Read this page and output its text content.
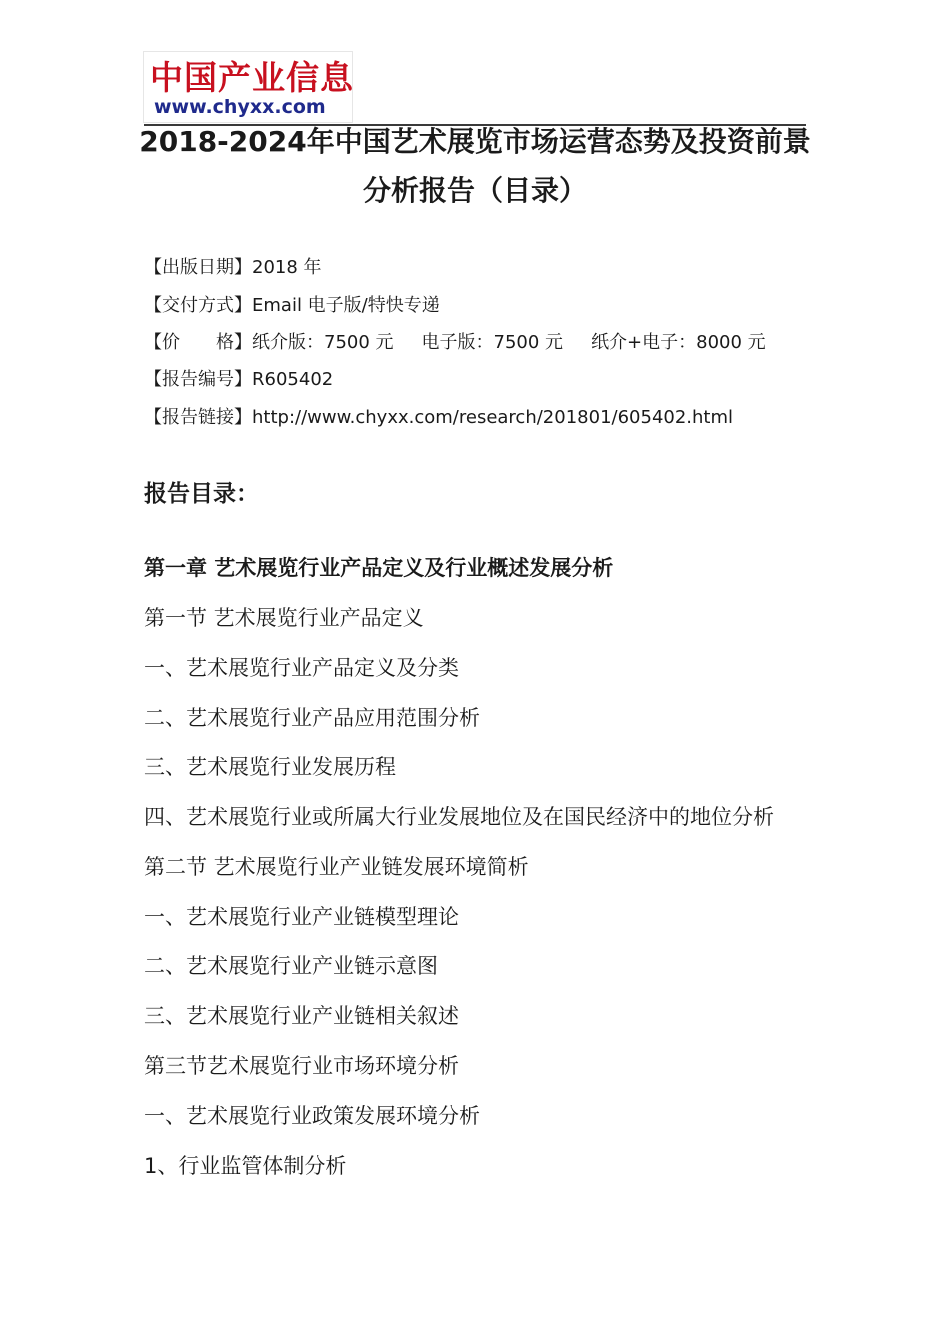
中国产业信息
www.chyxx.com
2018-2024年中国艺术展览市场运营态势及投资前景
分析报告（目录）
【出版日期】2018 年
【交付方式】Email 电子版/特快专递
【价　　格】纸介版：7500 元 电子版：7500 元 纸介+电子：8000 元
【报告编号】R605402
【报告链接】http://www.chyxx.com/research/201801/605402.html
报告目录：
第一章 艺术展览行业产品定义及行业概述发展分析
第一节 艺术展览行业产品定义
一、艺术展览行业产品定义及分类
二、艺术展览行业产品应用范围分析
三、艺术展览行业发展历程
四、艺术展览行业或所属大行业发展地位及在国民经济中的地位分析
第二节 艺术展览行业产业链发展环境简析
一、艺术展览行业产业链模型理论
二、艺术展览行业产业链示意图
三、艺术展览行业产业链相关叙述
第三节艺术展览行业市场环境分析
一、艺术展览行业政策发展环境分析
1、行业监管体制分析
